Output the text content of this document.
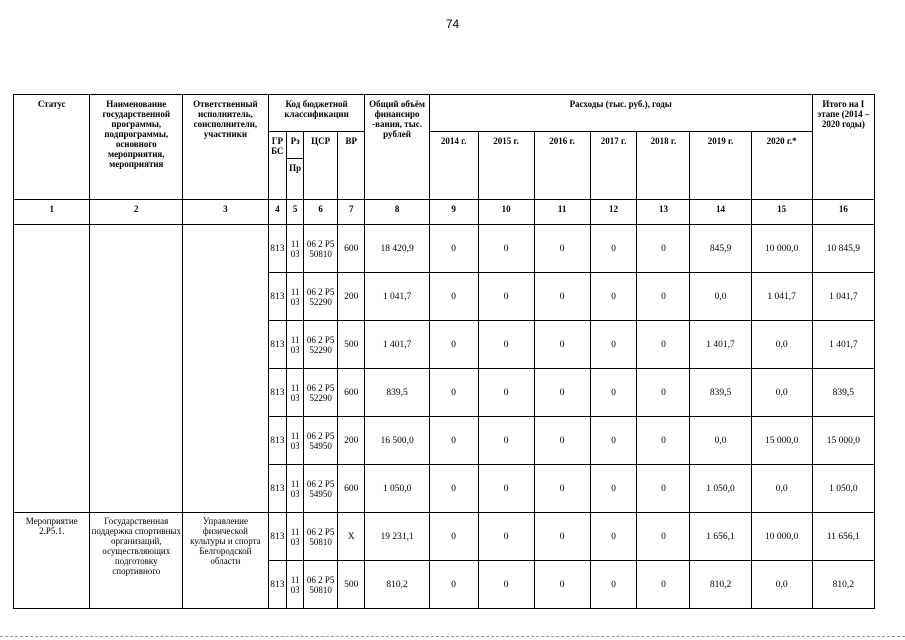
74
Статус	Наименование государственной программы, подпрограммы, основного мероприятия, мероприятия	Ответственный исполнитель, соисполнители, участники	Код бюджетной классификации				Общий объём финансиро -вания, тыс. рублей	Расходы (тыс. руб.), годы							Итого на I этапе (2014 – 2020 годы)
			ГР БС	Рз	ЦСР	ВР		2014 г.	2015 г.	2016 г.	2017 г.	2018 г.	2019 г.	2020 г.*	
				Пр											
1	2	3	4	5	6	7	8	9	10	11	12	13	14	15	16
			813	11 03	06 2 Р5 50810	600	18 420,9	0	0	0	0	0	845,9	10 000,0	10 845,9
			813	11 03	06 2 Р5 52290	200	1 041,7	0	0	0	0	0	0,0	1 041,7	1 041,7
			813	11 03	06 2 Р5 52290	500	1 401,7	0	0	0	0	0	1 401,7	0,0	1 401,7
			813	11 03	06 2 Р5 52290	600	839,5	0	0	0	0	0	839,5	0,0	839,5
			813	11 03	06 2 Р5 54950	200	16 500,0	0	0	0	0	0	0,0	15 000,0	15 000,0
			813	11 03	06 2 Р5 54950	600	1 050,0	0	0	0	0	0	1 050,0	0,0	1 050,0
Мероприятие 2.Р5.1.	Государственная поддержка спортивных организаций, осуществляющих подготовку спортивного	Управление физической культуры и спорта Белгородской области	813	11 03	06 2 Р5 50810	Х	19 231,1	0	0	0	0	0	1 656,1	10 000,0	11 656,1
			813	11 03	06 2 Р5 50810	500	810,2	0	0	0	0	0	810,2	0,0	810,2
